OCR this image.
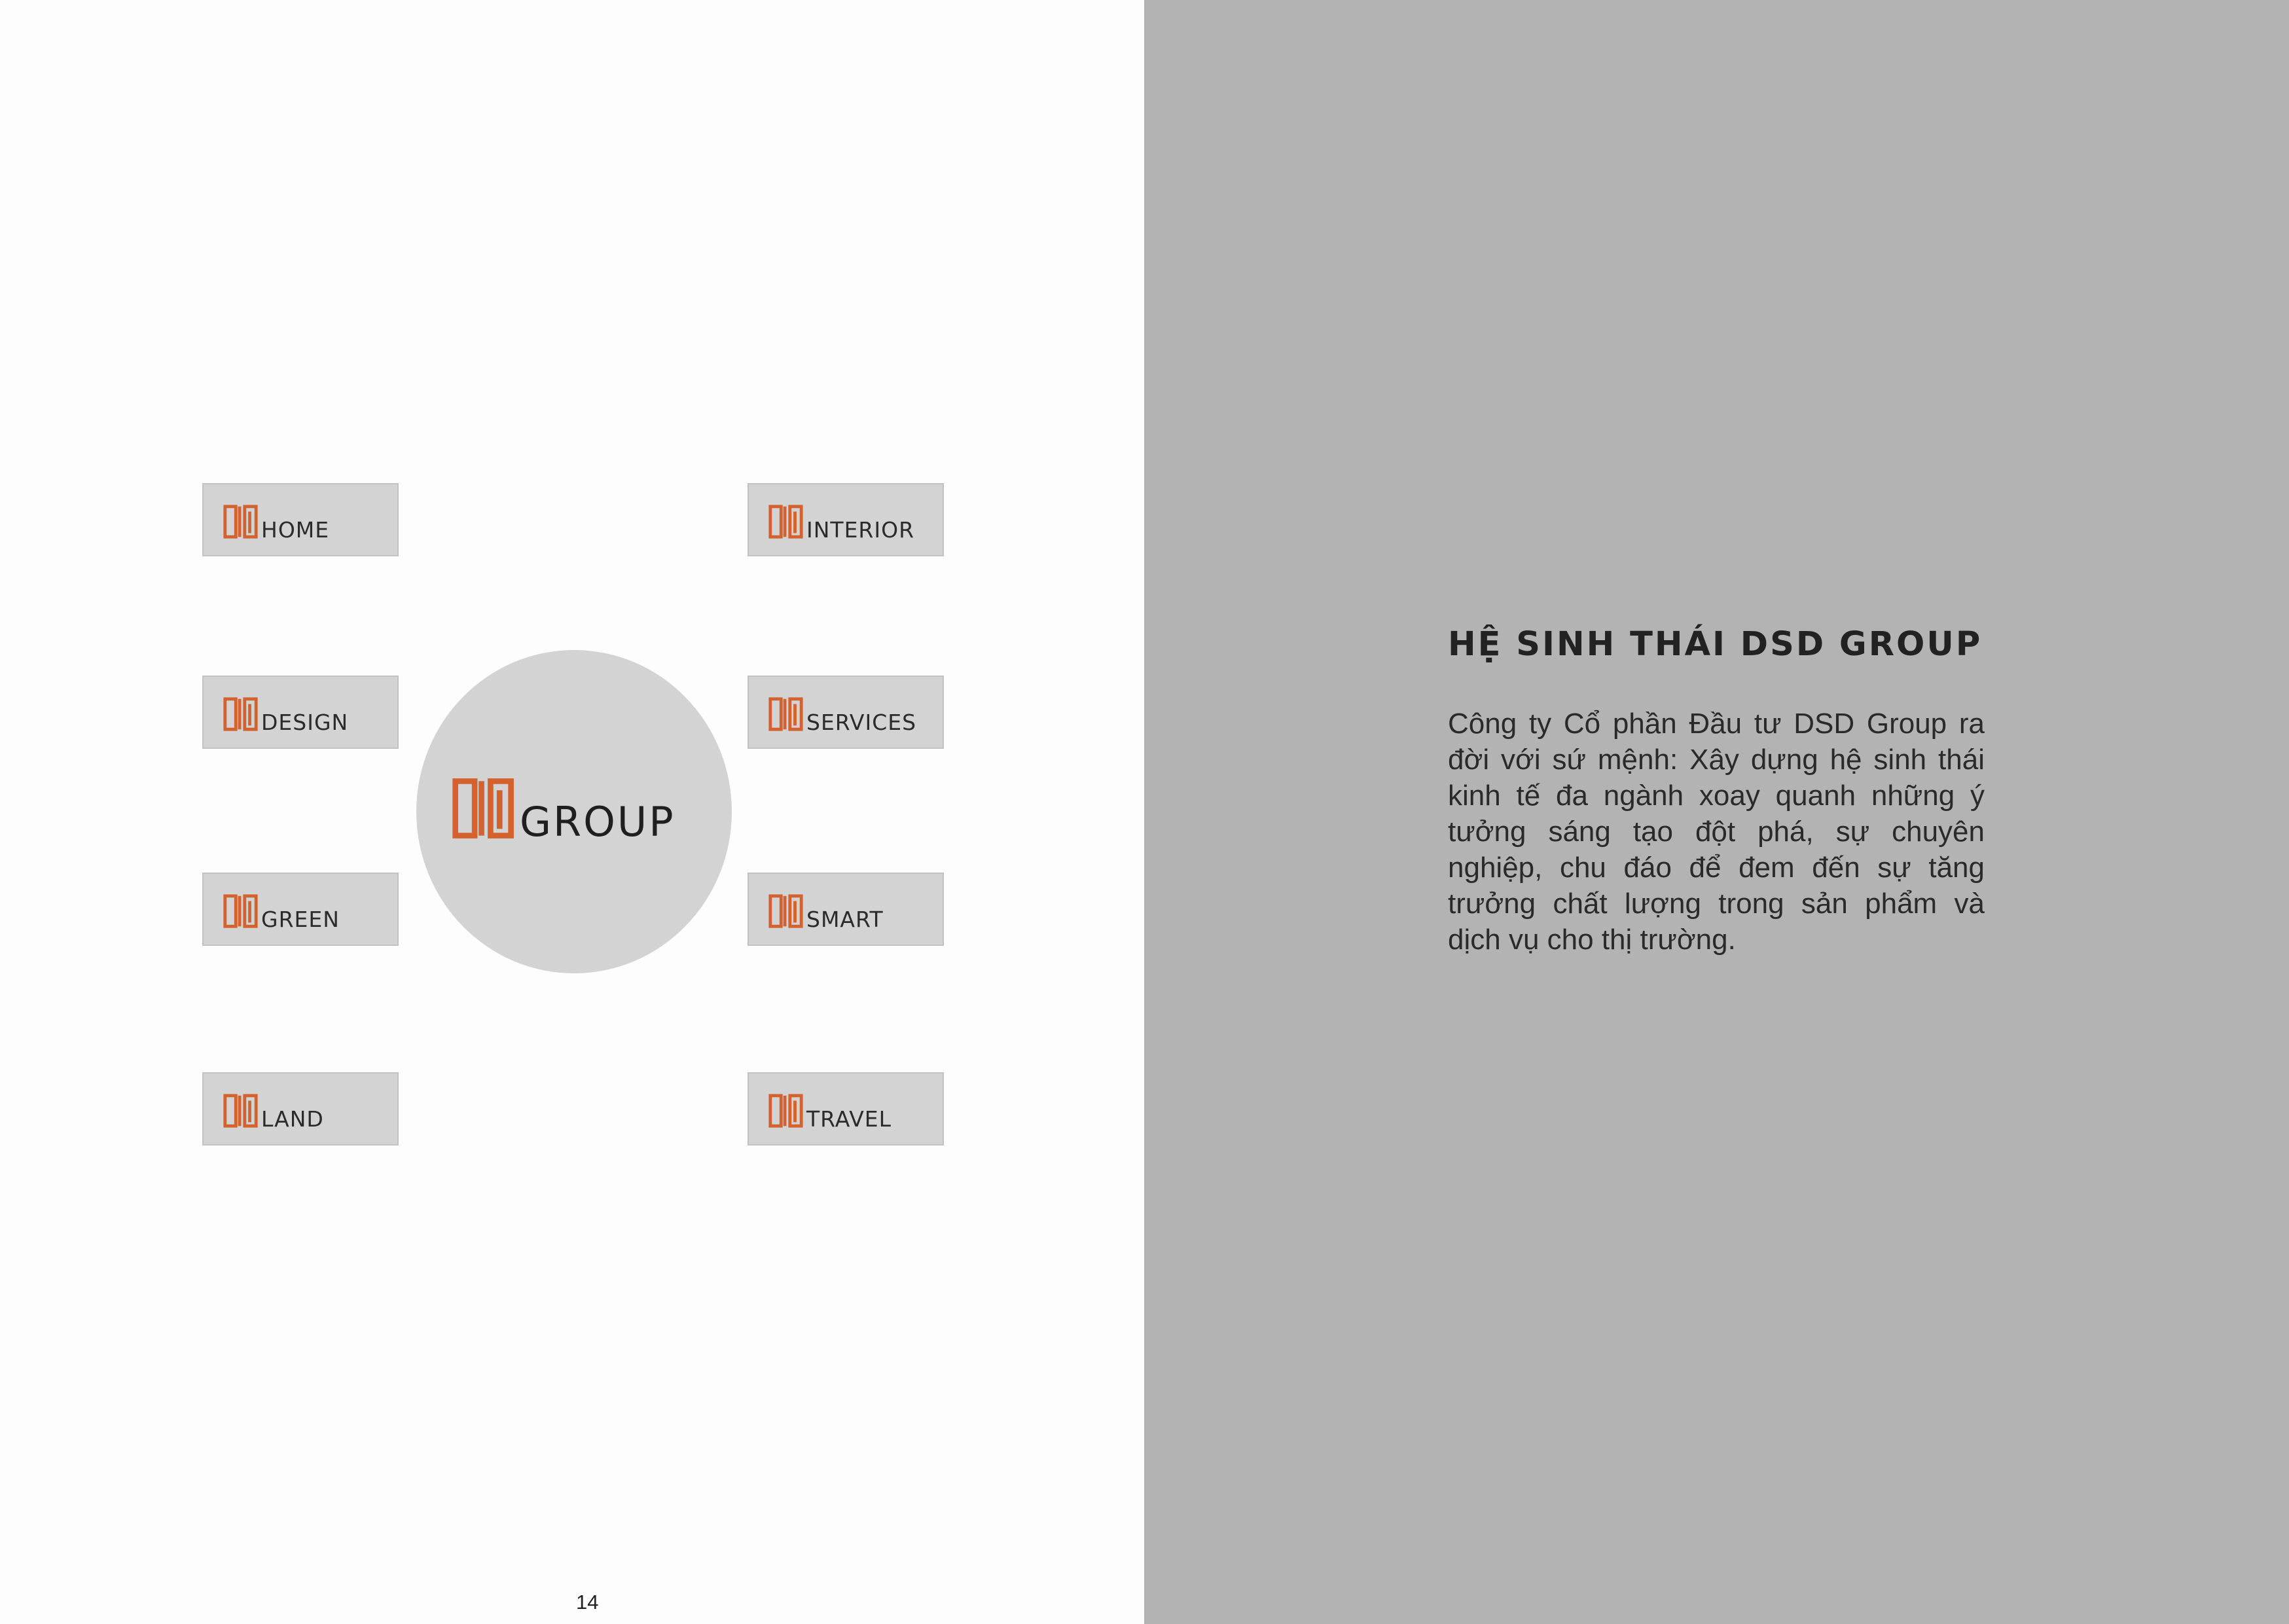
HOME	INTERIOR
DESIGN	SERVICES
GREEN	SMART
LAND	TRAVEL
GROUP
14
HỆ SINH THÁI DSD GROUP

Công ty Cổ phần Đầu tư DSD Group ra đời với sứ mệnh: Xây dựng hệ sinh thái kinh tế đa ngành xoay quanh những ý tưởng sáng tạo đột phá, sự chuyên nghiệp, chu đáo để đem đến sự tăng trưởng chất lượng trong sản phẩm và dịch vụ cho thị trường.
